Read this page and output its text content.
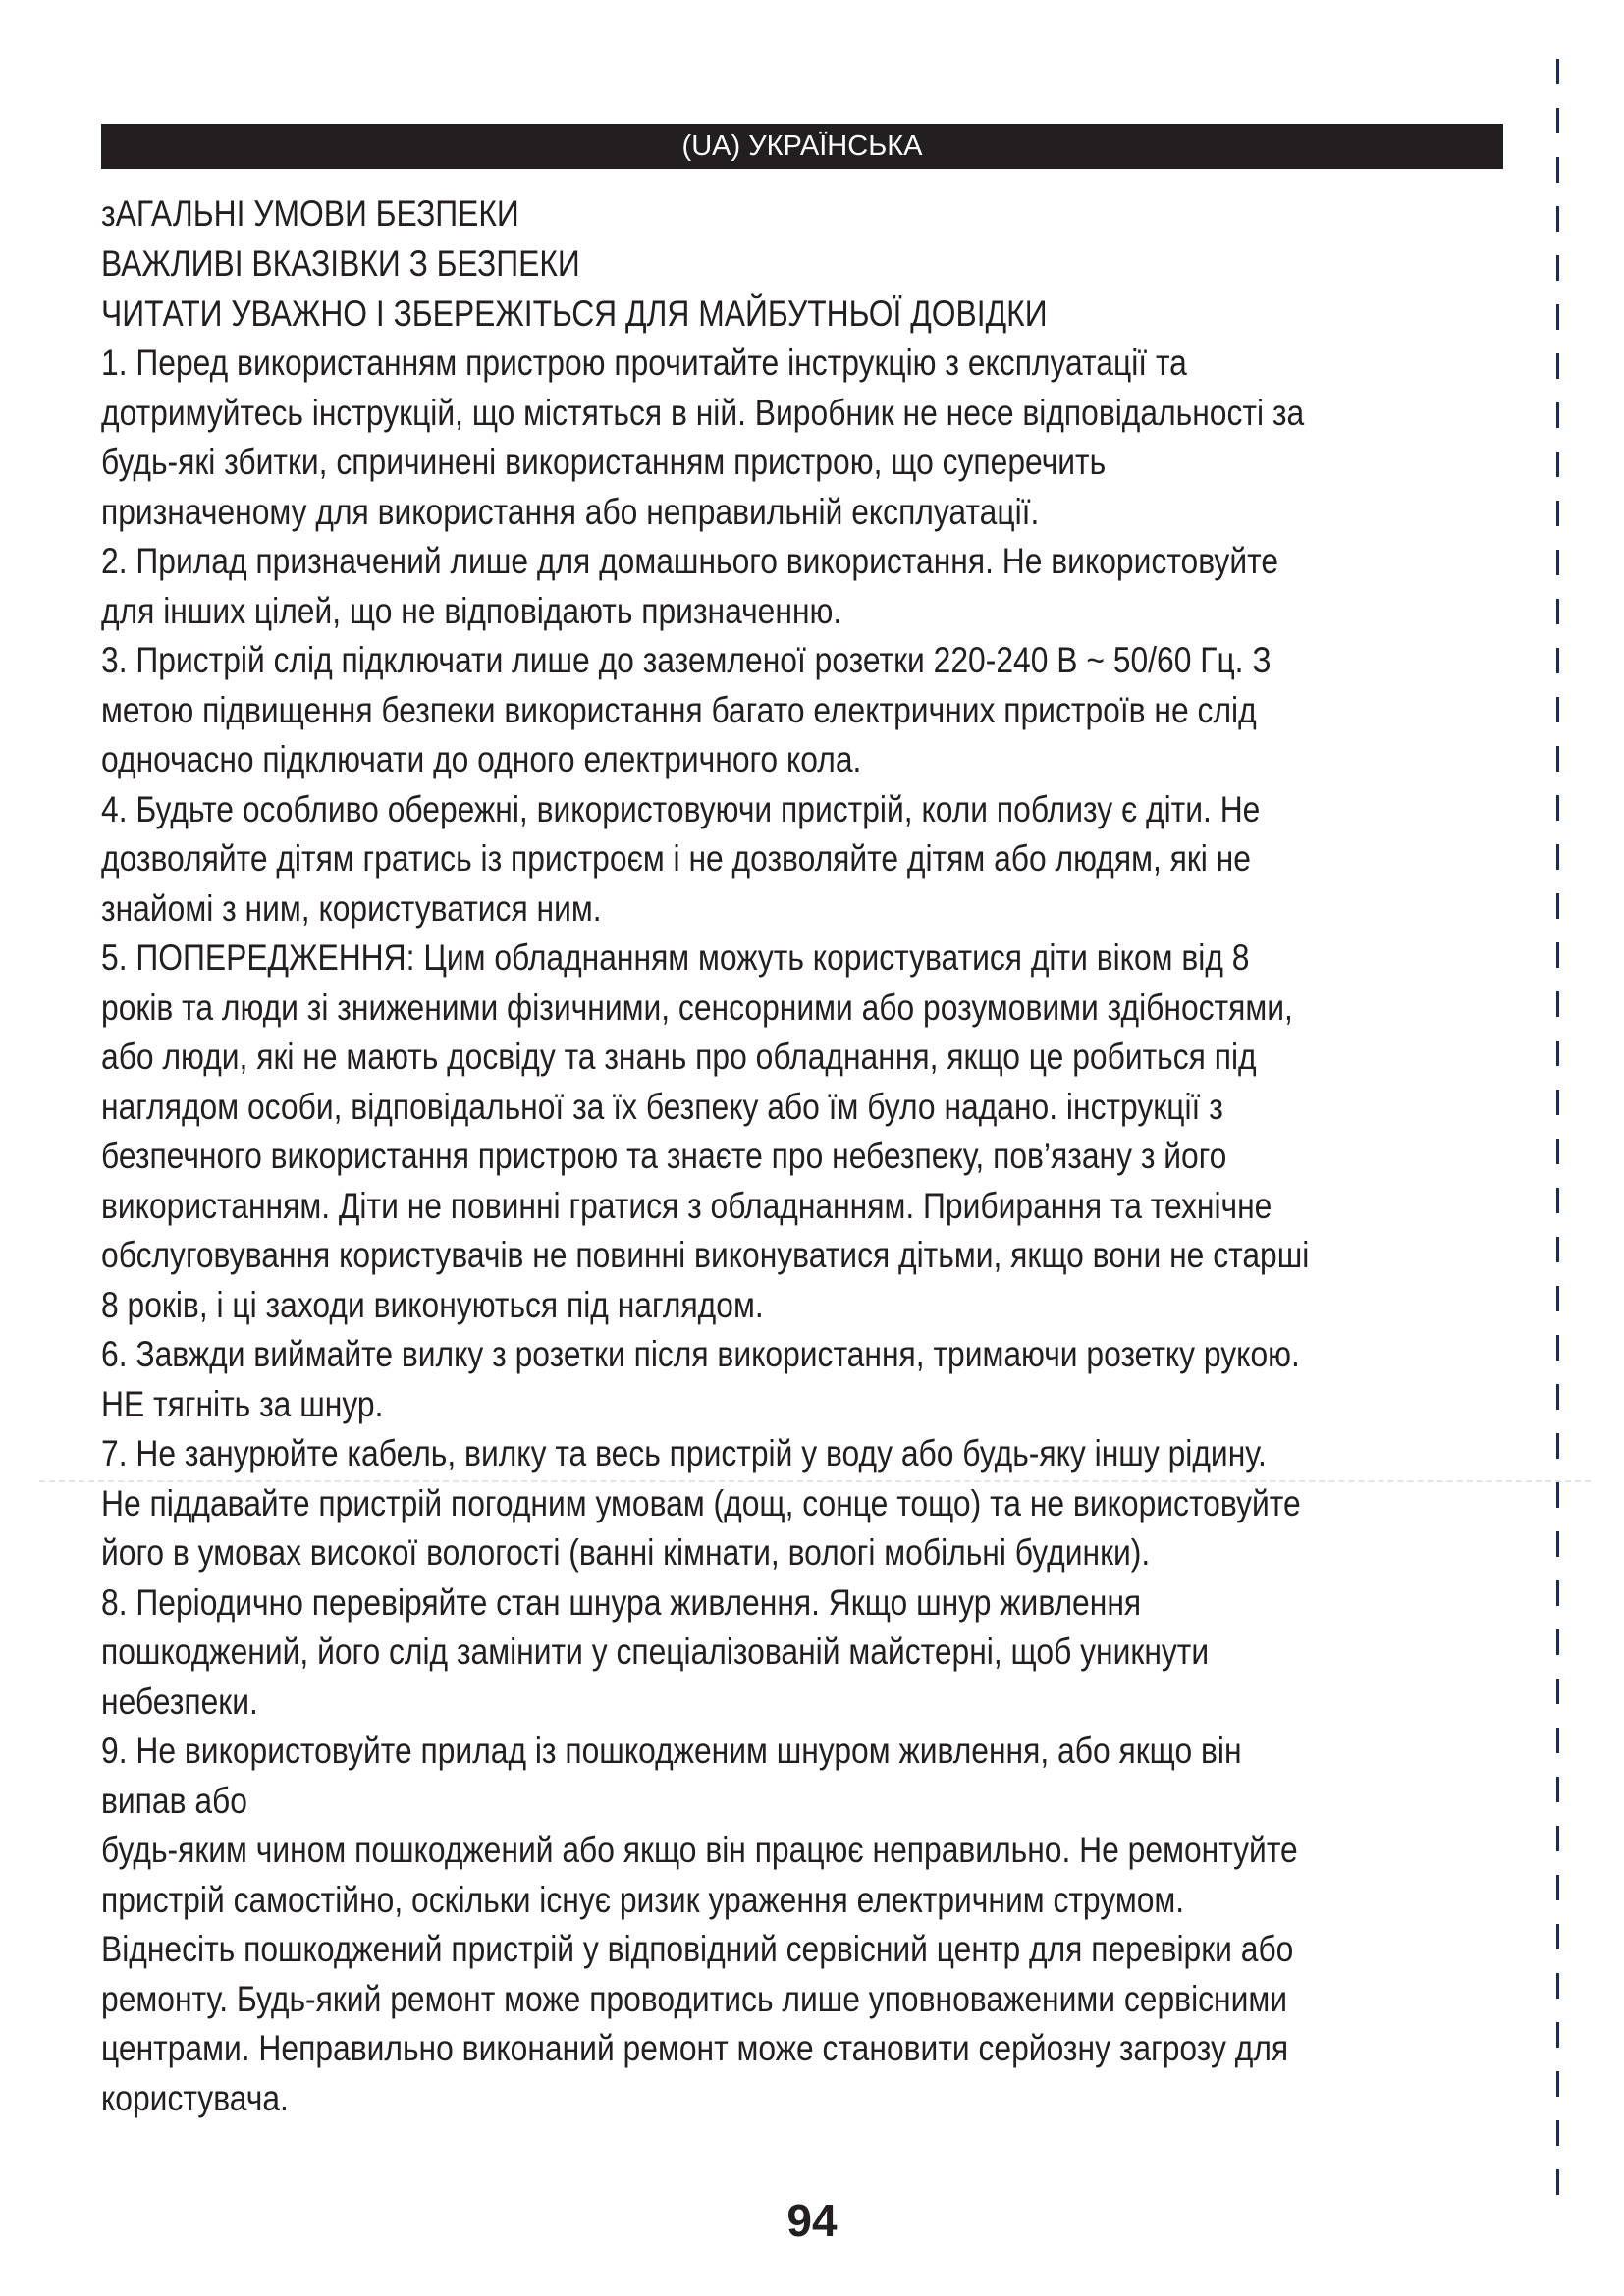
(UA) УКРАЇНСЬКА
зАГАЛЬНІ УМОВИ БЕЗПЕКИ
ВАЖЛИВІ ВКАЗІВКИ З БЕЗПЕКИ
ЧИТАТИ УВАЖНО І ЗБЕРЕЖІТЬСЯ ДЛЯ МАЙБУТНЬОЇ ДОВІДКИ
1. Перед використанням пристрою прочитайте інструкцію з експлуатації та
дотримуйтесь інструкцій, що містяться в ній. Виробник не несе відповідальності за
будь-які збитки, спричинені використанням пристрою, що суперечить
призначеному для використання або неправильній експлуатації.
2. Прилад призначений лише для домашнього використання. Не використовуйте
для інших цілей, що не відповідають призначенню.
3. Пристрій слід підключати лише до заземленої розетки 220-240 В ~ 50/60 Гц. З
метою підвищення безпеки використання багато електричних пристроїв не слід
одночасно підключати до одного електричного кола.
4. Будьте особливо обережні, використовуючи пристрій, коли поблизу є діти. Не
дозволяйте дітям гратись із пристроєм і не дозволяйте дітям або людям, які не
знайомі з ним, користуватися ним.
5. ПОПЕРЕДЖЕННЯ: Цим обладнанням можуть користуватися діти віком від 8
років та люди зі зниженими фізичними, сенсорними або розумовими здібностями,
або люди, які не мають досвіду та знань про обладнання, якщо це робиться під
наглядом особи, відповідальної за їх безпеку або їм було надано. інструкції з
безпечного використання пристрою та знаєте про небезпеку, пов’язану з його
використанням. Діти не повинні гратися з обладнанням. Прибирання та технічне
обслуговування користувачів не повинні виконуватися дітьми, якщо вони не старші
8 років, і ці заходи виконуються під наглядом.
6. Завжди виймайте вилку з розетки після використання, тримаючи розетку рукою.
НЕ тягніть за шнур.
7. Не занурюйте кабель, вилку та весь пристрій у воду або будь-яку іншу рідину.
Не піддавайте пристрій погодним умовам (дощ, сонце тощо) та не використовуйте
його в умовах високої вологості (ванні кімнати, вологі мобільні будинки).
8. Періодично перевіряйте стан шнура живлення. Якщо шнур живлення
пошкоджений, його слід замінити у спеціалізованій майстерні, щоб уникнути
небезпеки.
9. Не використовуйте прилад із пошкодженим шнуром живлення, або якщо він
випав або
будь-яким чином пошкоджений або якщо він працює неправильно. Не ремонтуйте
пристрій самостійно, оскільки існує ризик ураження електричним струмом.
Віднесіть пошкоджений пристрій у відповідний сервісний центр для перевірки або
ремонту. Будь-який ремонт може проводитись лише уповноваженими сервісними
центрами. Неправильно виконаний ремонт може становити серйозну загрозу для
користувача.
94
